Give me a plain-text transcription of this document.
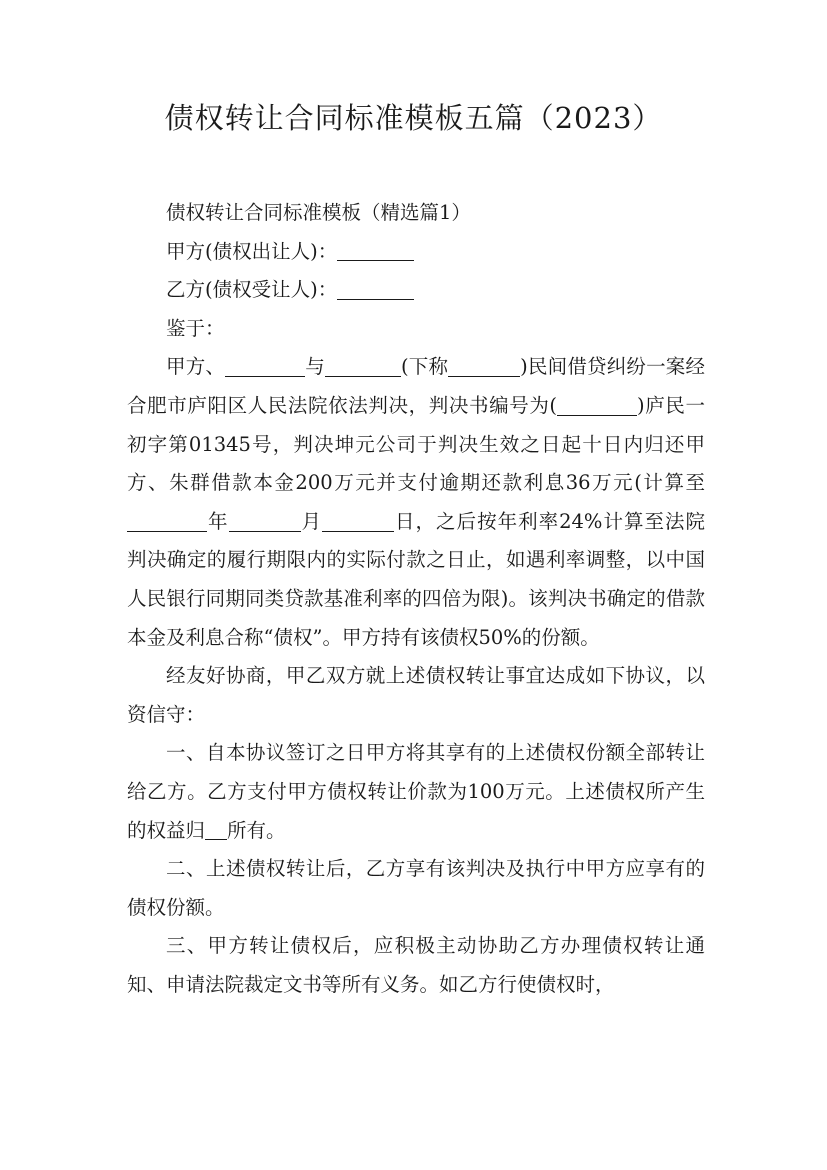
债权转让合同标准模板五篇（2023）

债权转让合同标准模板（精选篇1）

甲方(债权出让人)：

乙方(债权受让人)：

鉴于：

甲方、	与	(下称	)民间借贷纠纷一案经合肥市庐阳区人民法院依法判决，判决书编号为(	)庐民一初字第01345号，判决坤元公司于判决生效之日起十日内归还甲方、朱群借款本金200万元并支付逾期还款利息36万元(计算至年	月	日，之后按年利率24%计算至法院判决确定的履行期限内的实际付款之日止，如遇利率调整，以中国人民银行同期同类贷款基准利率的四倍为限)。该判决书确定的借款本金及利息合称“债权”。甲方持有该债权50%的份额。

经友好协商，甲乙双方就上述债权转让事宜达成如下协议，以资信守：

一、自本协议签订之日甲方将其享有的上述债权份额全部转让给乙方。乙方支付甲方债权转让价款为100万元。上述债权所产生的权益归 所有。

二、上述债权转让后，乙方享有该判决及执行中甲方应享有的债权份额。

三、甲方转让债权后，应积极主动协助乙方办理债权转让通知、申请法院裁定文书等所有义务。如乙方行使债权时，
